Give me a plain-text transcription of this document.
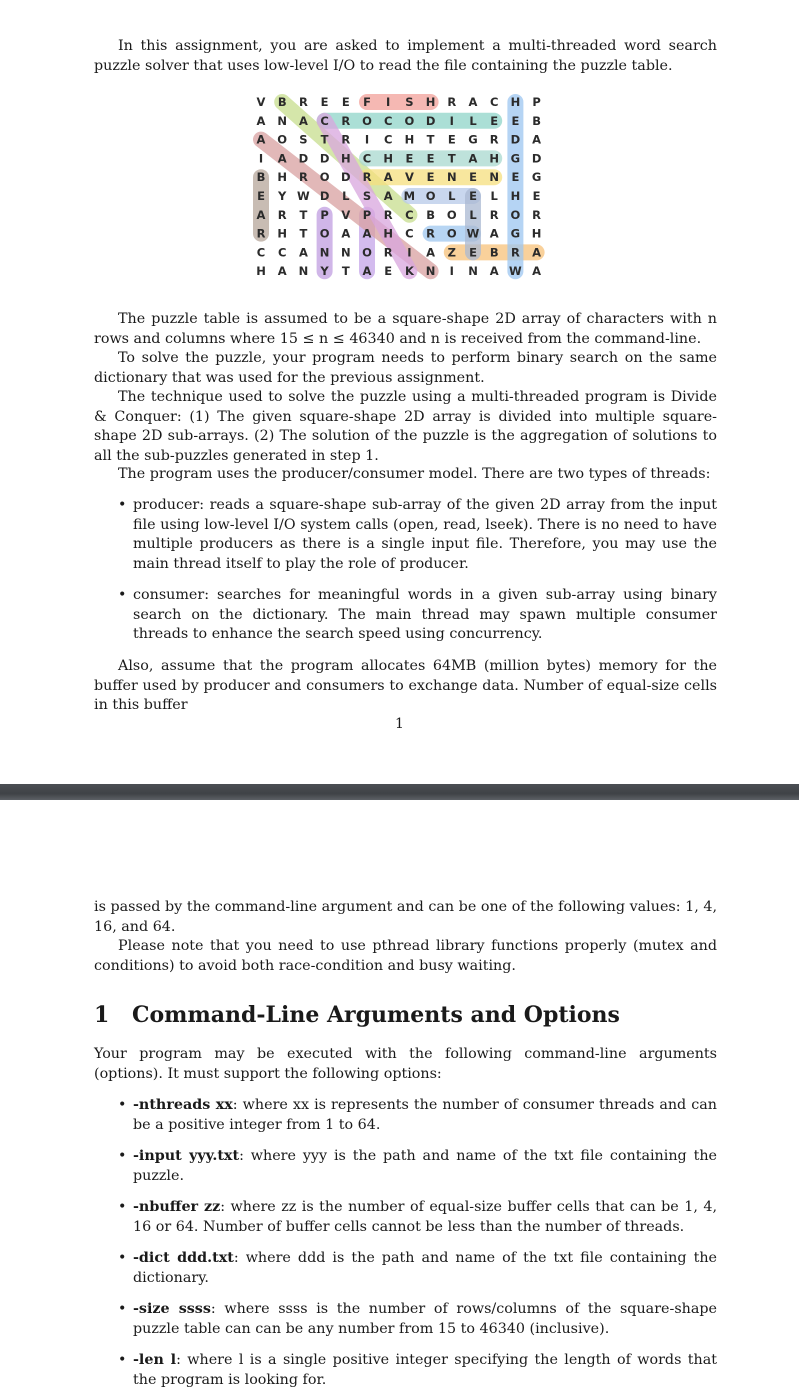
In this assignment, you are asked to implement a multi-threaded word search puzzle solver that uses low-level I/O to read the file containing the puzzle table.

V B R E E F I S H R A C H P
A N A C R O C O D I L E E B
A O S T R I C H T E G R D A
I A D D H C H E E T A H G D
B H R O D R A V E N E N E G
E Y W D L S A M O L E L H E
A R T P V P R C B O L R O R
R H T O A A H C R O W A G H
C C A N N O R I A Z E B R A
H A N Y T A E K N I N A W A

The puzzle table is assumed to be a square-shape 2D array of characters with n rows and columns where 15 ≤ n ≤ 46340 and n is received from the command-line.

To solve the puzzle, your program needs to perform binary search on the same dictionary that was used for the previous assignment.

The technique used to solve the puzzle using a multi-threaded program is Divide & Conquer: (1) The given square-shape 2D array is divided into multiple square-shape 2D sub-arrays. (2) The solution of the puzzle is the aggregation of solutions to all the sub-puzzles generated in step 1.

The program uses the producer/consumer model. There are two types of threads:

• producer: reads a square-shape sub-array of the given 2D array from the input file using low-level I/O system calls (open, read, lseek). There is no need to have multiple producers as there is a single input file. Therefore, you may use the main thread itself to play the role of producer.
• consumer: searches for meaningful words in a given sub-array using binary search on the dictionary. The main thread may spawn multiple consumer threads to enhance the search speed using concurrency.

Also, assume that the program allocates 64MB (million bytes) memory for the buffer used by producer and consumers to exchange data. Number of equal-size cells in this buffer

1

is passed by the command-line argument and can be one of the following values: 1, 4, 16, and 64.

Please note that you need to use pthread library functions properly (mutex and conditions) to avoid both race-condition and busy waiting.

1 Command-Line Arguments and Options

Your program may be executed with the following command-line arguments (options). It must support the following options:

• -nthreads xx: where xx is represents the number of consumer threads and can be a positive integer from 1 to 64.
• -input yyy.txt: where yyy is the path and name of the txt file containing the puzzle.
• -nbuffer zz: where zz is the number of equal-size buffer cells that can be 1, 4, 16 or 64. Number of buffer cells cannot be less than the number of threads.
• -dict ddd.txt: where ddd is the path and name of the txt file containing the dictionary.
• -size ssss: where ssss is the number of rows/columns of the square-shape puzzle table can can be any number from 15 to 46340 (inclusive).
• -len l: where l is a single positive integer specifying the length of words that the program is looking for.
